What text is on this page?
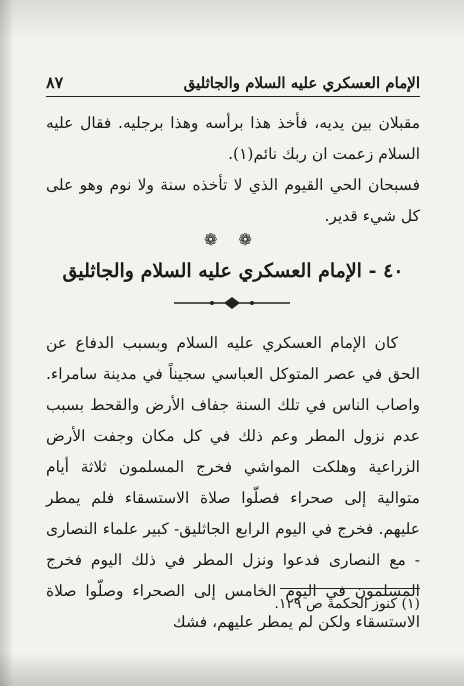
الإمام العسكري عليه السلام والجاثليق
٨٧

مقبلان بين يديه، فأخذ هذا برأسه وهذا برجليه. فقال عليه السلام زعمت ان ربك نائم(١).

فسبحان الحي القيوم الذي لا تأخذه سنة ولا نوم وهو على كل شيء قدير.

❁ ❁
٤٠ - الإمام العسكري عليه السلام والجاثليق

كان الإمام العسكري عليه السلام وبسبب الدفاع عن الحق في عصر المتوكل العباسي سجيناً في مدينة سامراء. واصاب الناس في تلك السنة جفاف الأرض والقحط بسبب عدم نزول المطر وعم ذلك في كل مكان وجفت الأرض الزراعية وهلكت المواشي فخرج المسلمون ثلاثة أيام متوالية إلى صحراء فصلّوا صلاة الاستسقاء فلم يمطر عليهم. فخرج في اليوم الرابع الجاثليق- كبير علماء النصارى - مع النصارى فدعوا ونزل المطر في ذلك اليوم فخرج المسلمون في اليوم الخامس إلى الصحراء وصلّوا صلاة الاستسقاء ولكن لم يمطر عليهم، فشك

(١) كنوز الحكمة ص ١٢٩.
